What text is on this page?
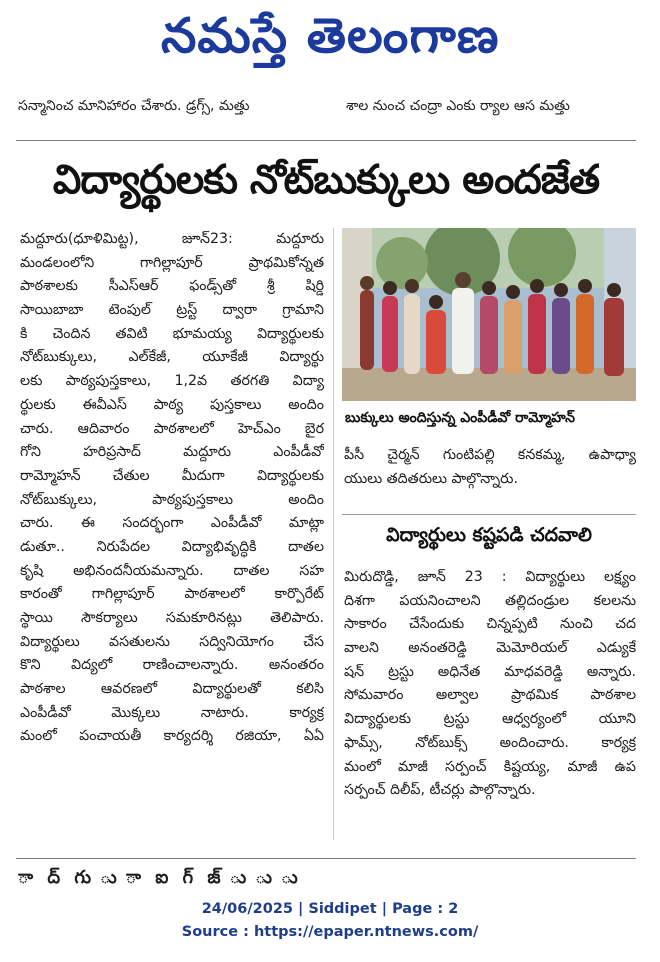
నమస్తే తెలంగాణ
సన్మానించ మానిహారం చేశారు. డ్రగ్స్, మత్తు	శాల నుంచ చంద్రా ఎంకు ర్యాల ఆస మత్తు
విద్యార్థులకు నోట్‌బుక్కులు అందజేత
మద్దూరు(ధూళిమిట్ట), జూన్‌23: మద్దూరు
మండలంలోని గాగిల్లాపూర్‌ ప్రాథమికోన్నత
పాఠశాలకు సీఎస్‌ఆర్‌ ఫండ్స్‌తో శ్రీ షిర్డి
సాయిబాబా టెంపుల్‌ ట్రస్ట్‌ ద్వారా గ్రామాని
కి చెందిన తవిటి భూమయ్య విద్యార్థులకు
నోట్‌బుక్కులు, ఎల్‌కేజీ, యూకేజీ విద్యార్థు
లకు పాఠ్యపుస్తకాలు, 1,2వ తరగతి విద్యా
ర్థులకు ఈవీఎస్‌ పాఠ్య పుస్తకాలు అందిం
చారు. ఆదివారం పాఠశాలలో హెచ్‌ఎం బైర
గోని హరిప్రసాద్‌ మద్దూరు ఎంపీడీవో
రామ్మోహన్‌ చేతుల మీదుగా విద్యార్థులకు
నోట్‌బుక్కులు, పాఠ్యపుస్తకాలు అందిం
చారు. ఈ సందర్భంగా ఎంపీడీవో మాట్లా
డుతూ.. నిరుపేదల విద్యాభివృద్ధికి దాతల
కృషి అభినందనీయమన్నారు. దాతల సహ
కారంతో గాగిల్లాపూర్‌ పాఠశాలలో కార్పొరేట్‌
స్థాయి సౌకర్యాలు సమకూరినట్లు తెలిపారు.
విద్యార్థులు వసతులను సద్వినియోగం చేస
కొని విద్యలో రాణించాలన్నారు. అనంతరం
పాఠశాల ఆవరణలో విద్యార్థులతో కలిసి
ఎంపీడీవో మొక్కలు నాటారు. కార్యక్ర
మంలో పంచాయతీ కార్యదర్శి రజియా, ఏఏ
బుక్కులు అందిస్తున్న ఎంపీడీవో రామ్మోహన్‌
పీసీ చైర్మన్‌ గుంటిపల్లి కనకమ్మ, ఉపాధ్యా
యులు తదితరులు పాల్గొన్నారు.
విద్యార్థులు కష్టపడి చదవాలి
మిరుదొడ్డి, జూన్‌ 23 : విద్యార్థులు లక్ష్యం
దిశగా పయనించాలని తల్లిదండ్రుల కలలను
సాకారం చేసేందుకు చిన్నప్పటి నుంచి చద
వాలని అనంతరెడ్డి మెమోరియల్‌ ఎడ్యుకే
షన్‌ ట్రస్టు అధినేత మాధవరెడ్డి అన్నారు.
సోమవారం అల్వాల ప్రాథమిక పాఠశాల
విద్యార్థులకు ట్రస్టు ఆధ్వర్యంలో యూని
ఫామ్స్‌, నోట్‌బుక్స్‌ అందించారు. కార్యక్ర
మంలో మాజీ సర్పంచ్‌ కిష్టయ్య, మాజీ ఉప
సర్పంచ్‌ దిలీప్‌, టీచర్లు పాల్గొన్నారు.
ా ద్ గు ు ా ఐ గ్ జ్ ు ు ు
24/06/2025 | Siddipet | Page : 2
Source : https://epaper.ntnews.com/
